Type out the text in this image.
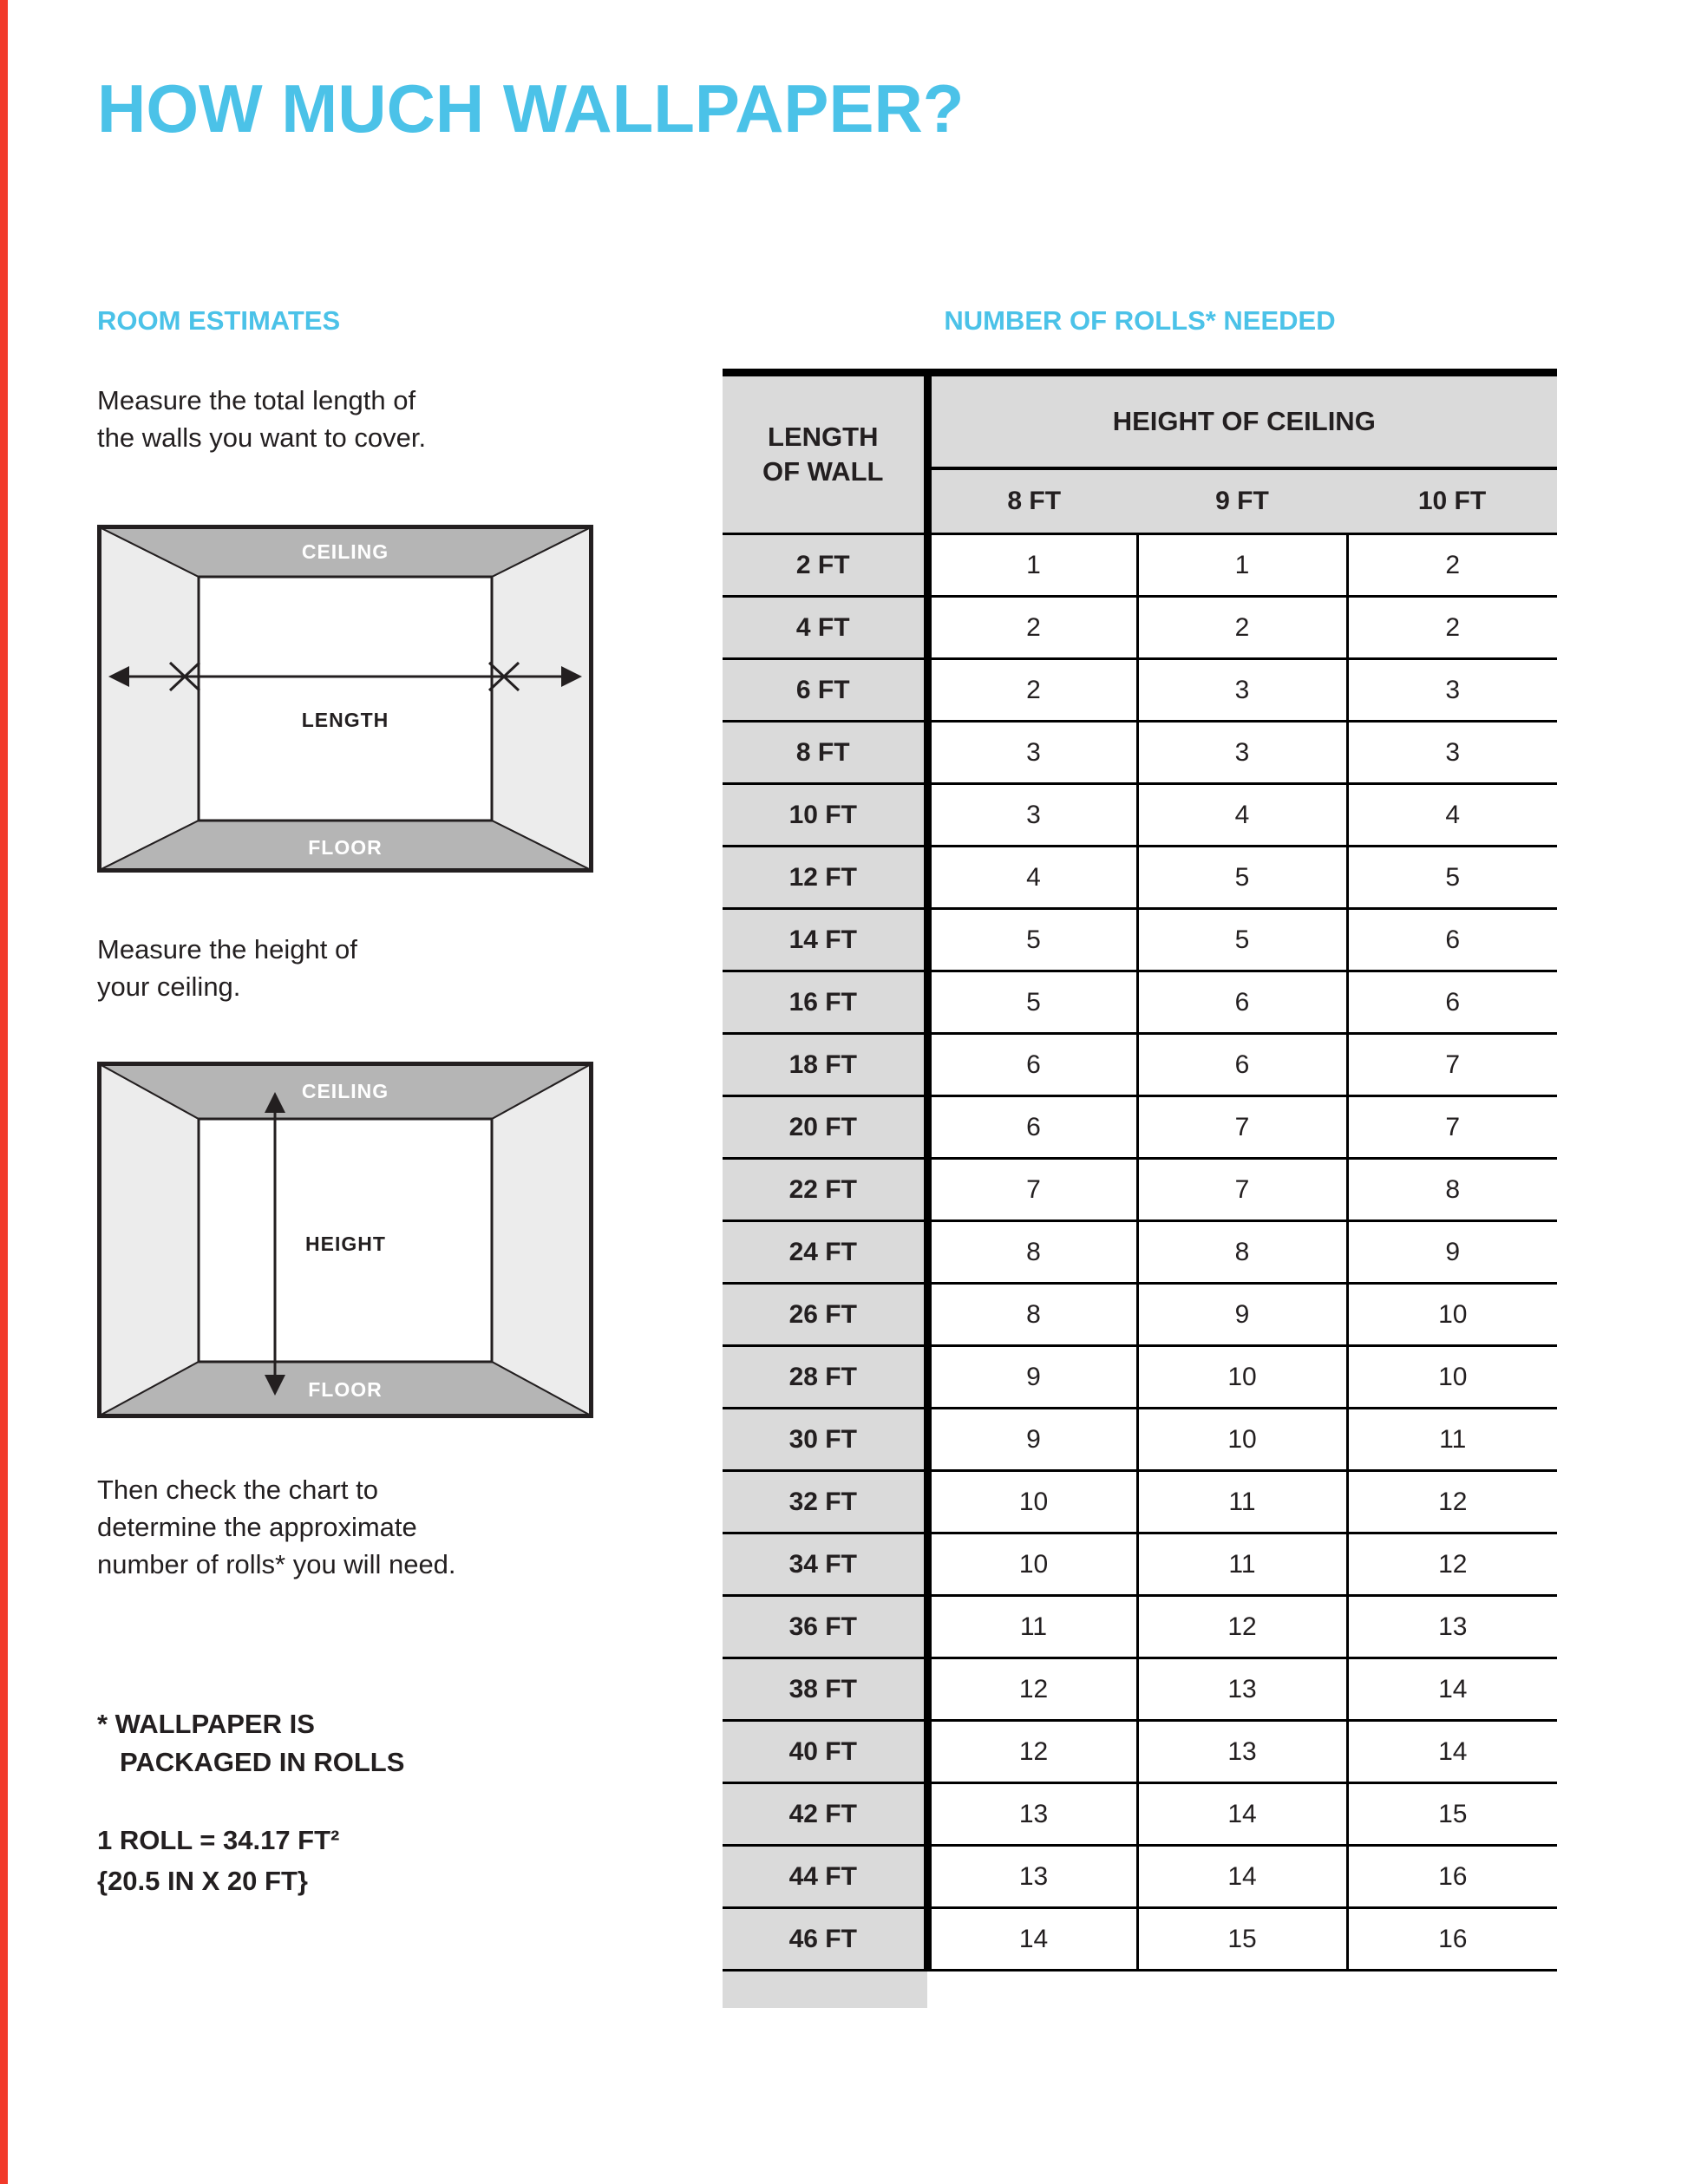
HOW MUCH WALLPAPER?
ROOM ESTIMATES
Measure the total length of
the walls you want to cover.
CEILING
FLOOR
LENGTH
Measure the height of
your ceiling.
CEILING
FLOOR
HEIGHT
Then check the chart to
determine the approximate
number of rolls* you will need.
* WALLPAPER IS
PACKAGED IN ROLLS
1 ROLL = 34.17 FT²
{20.5 IN X 20 FT}
NUMBER OF ROLLS* NEEDED
LENGTH
OF WALL	HEIGHT OF CEILING		
	8 FT	9 FT	10 FT
2 FT	1	1	2
4 FT	2	2	2
6 FT	2	3	3
8 FT	3	3	3
10 FT	3	4	4
12 FT	4	5	5
14 FT	5	5	6
16 FT	5	6	6
18 FT	6	6	7
20 FT	6	7	7
22 FT	7	7	8
24 FT	8	8	9
26 FT	8	9	10
28 FT	9	10	10
30 FT	9	10	11
32 FT	10	11	12
34 FT	10	11	12
36 FT	11	12	13
38 FT	12	13	14
40 FT	12	13	14
42 FT	13	14	15
44 FT	13	14	16
46 FT	14	15	16
